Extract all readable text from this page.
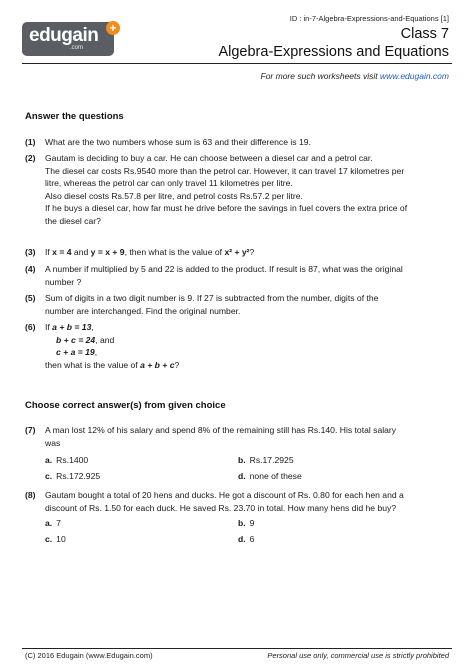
edugain
.com
+
ID : in-7-Algebra-Expressions-and-Equations [1]
Class 7
Algebra-Expressions and Equations
For more such worksheets visit www.edugain.com
Answer the questions
(1) What are the two numbers whose sum is 63 and their difference is 19.
(2) Gautam is deciding to buy a car. He can choose between a diesel car and a petrol car.
The diesel car costs Rs.9540 more than the petrol car. However, it can travel 17 kilometres per
litre, whereas the petrol car can only travel 11 kilometres per litre.
Also diesel costs Rs.57.8 per litre, and petrol costs Rs.57.2 per litre.
If he buys a diesel car, how far must he drive before the savings in fuel covers the extra price of
the diesel car?
(3) If x = 4 and y = x + 9, then what is the value of x² + y²?
(4) A number if multiplied by 5 and 22 is added to the product. If result is 87, what was the original
number ?
(5) Sum of digits in a two digit number is 9. If 27 is subtracted from the number, digits of the
number are interchanged. Find the original number.
(6) If a + b = 13,
b + c = 24, and
c + a = 19,
then what is the value of a + b + c?
Choose correct answer(s) from given choice
(7) A man lost 12% of his salary and spend 8% of the remaining still has Rs.140. His total salary
was
a. Rs.1400	b. Rs.17.2925
c. Rs.172.925	d. none of these
(8) Gautam bought a total of 20 hens and ducks. He got a discount of Rs. 0.80 for each hen and a
discount of Rs. 1.50 for each duck. He saved Rs. 23.70 in total. How many hens did he buy?
a. 7	b. 9
c. 10	d. 6
(C) 2016 Edugain (www.Edugain.com)	Personal use only, commercial use is strictly prohibited
